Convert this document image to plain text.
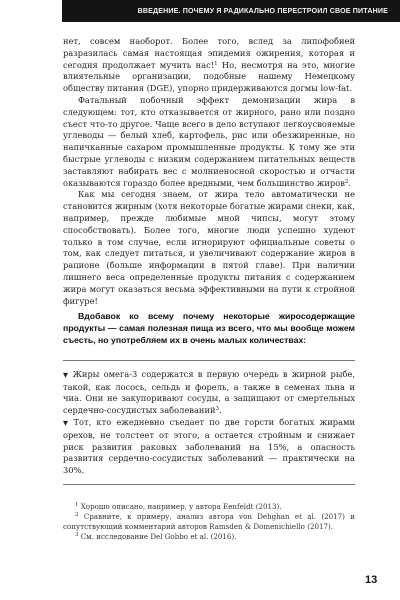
ВВЕДЕНИЕ. ПОЧЕМУ Я РАДИКАЛЬНО ПЕРЕСТРОИЛ СВОЕ ПИТАНИЕ

нет, совсем наоборот. Более того, вслед за липофобией разразилась самая настоящая эпидемия ожирения, которая и сегодня продолжает мучить нас!$^1$ Но, несмотря на это, многие влиятельные организации, подобные нашему Немецкому обществу питания (DGE), упорно придерживаются догмы low-fat.

Фатальный побочный эффект демонизации жира в следующем: тот, кто отказывается от жирного, рано или поздно съест что-то другое. Чаще всего в дело вступают легкоусвояемые углеводы — белый хлеб, картофель, рис или обезжиренные, но напичканные сахаром промышленные продукты. К тому же эти быстрые углеводы с низким содержанием питательных веществ заставляют набирать вес с молниеносной скоростью и отчасти оказываются гораздо более вредными, чем большинство жиров$^2$.

Как мы сегодня знаем, от жира тело автоматически не становится жирным (хотя некоторые богатые жирами снеки, как, например, прежде любимые мной чипсы, могут этому способствовать). Более того, многие люди успешно худеют только в том случае, если игнорируют официальные советы о том, как следует питаться, и увеличивают содержание жиров в рационе (больше информации в пятой главе). При наличии лишнего веса определенные продукты питания с содержанием жира могут оказаться весьма эффективными на пути к стройной фигуре!

Вдобавок ко всему почему некоторые жиросодержащие продукты — самая полезная пища из всего, что мы вообще можем съесть, но употребляем их в очень малых количествах:

▼ Жиры омега-3 содержатся в первую очередь в жирной рыбе, такой, как лосось, сельдь и форель, а также в семенах льна и чиа. Они не закупоривают сосуды, а защищают от смертельных сердечно-сосудистых заболеваний$^3$.

▼ Тот, кто ежедневно съедает по две горсти богатых жирами орехов, не толстеет от этого, а остается стройным и снижает риск развития раковых заболеваний на 15%, а опасность развития сердечно-сосудистых заболеваний — практически на 30%.

$^1$ Хорошо описано, например, у автора Eenfeldt (2013).

$^2$ Сравните, к примеру, анализ автора von Dehghan et al. (2017) и сопутствующий комментарий авторов Ramsden & Domenichiello (2017).

$^3$ См. исследование Del Gobbo et al. (2016).

13
